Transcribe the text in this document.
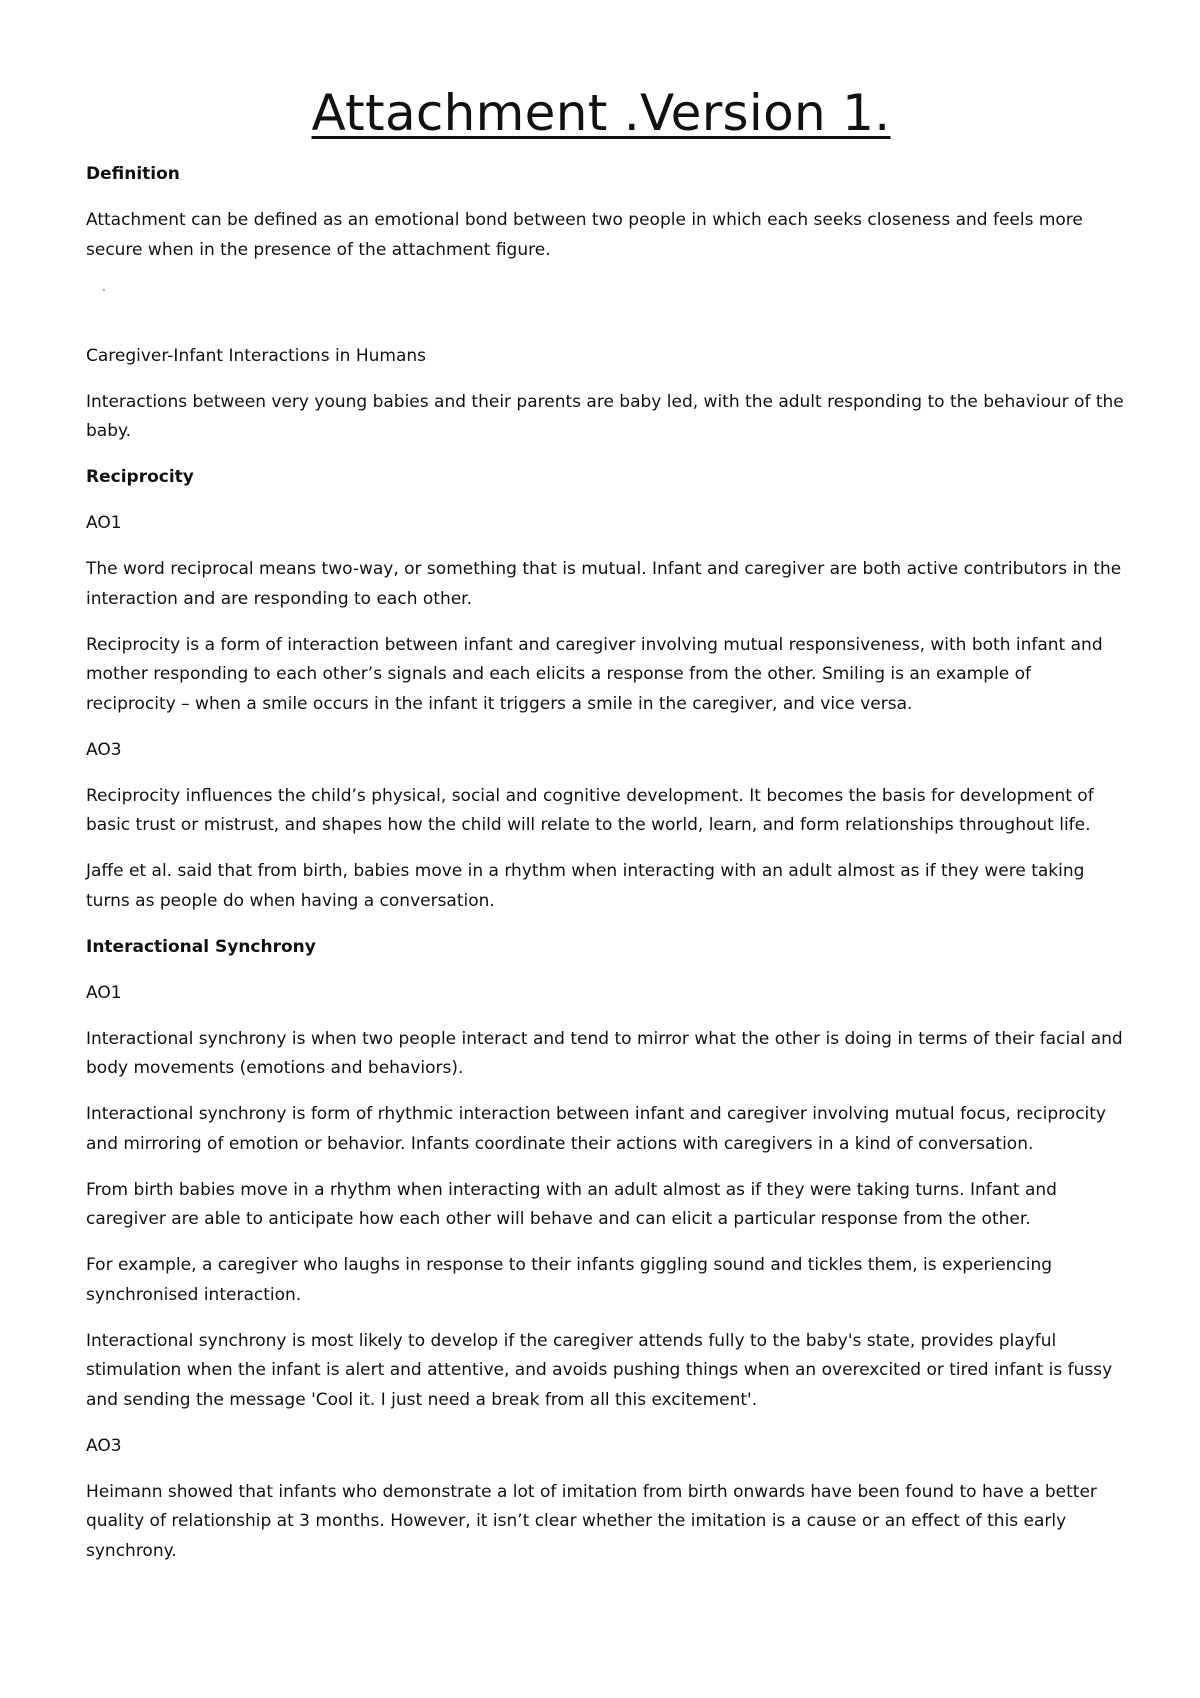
Attachment .Version 1.

Definition

Attachment can be defined as an emotional bond between two people in which each seeks closeness and feels more secure when in the presence of the attachment figure.

·

Caregiver-Infant Interactions in Humans

Interactions between very young babies and their parents are baby led, with the adult responding to the behaviour of the baby.

Reciprocity

AO1

The word reciprocal means two-way, or something that is mutual. Infant and caregiver are both active contributors in the interaction and are responding to each other.

Reciprocity is a form of interaction between infant and caregiver involving mutual responsiveness, with both infant and mother responding to each other’s signals and each elicits a response from the other. Smiling is an example of reciprocity – when a smile occurs in the infant it triggers a smile in the caregiver, and vice versa.

AO3

Reciprocity influences the child’s physical, social and cognitive development. It becomes the basis for development of basic trust or mistrust, and shapes how the child will relate to the world, learn, and form relationships throughout life.

Jaffe et al. said that from birth, babies move in a rhythm when interacting with an adult almost as if they were taking turns as people do when having a conversation.

Interactional Synchrony

AO1

Interactional synchrony is when two people interact and tend to mirror what the other is doing in terms of their facial and body movements (emotions and behaviors).

Interactional synchrony is form of rhythmic interaction between infant and caregiver involving mutual focus, reciprocity and mirroring of emotion or behavior. Infants coordinate their actions with caregivers in a kind of conversation.

From birth babies move in a rhythm when interacting with an adult almost as if they were taking turns. Infant and caregiver are able to anticipate how each other will behave and can elicit a particular response from the other.

For example, a caregiver who laughs in response to their infants giggling sound and tickles them, is experiencing synchronised interaction.

Interactional synchrony is most likely to develop if the caregiver attends fully to the baby's state, provides playful stimulation when the infant is alert and attentive, and avoids pushing things when an overexcited or tired infant is fussy and sending the message 'Cool it. I just need a break from all this excitement'.

AO3

Heimann showed that infants who demonstrate a lot of imitation from birth onwards have been found to have a better quality of relationship at 3 months. However, it isn’t clear whether the imitation is a cause or an effect of this early synchrony.
